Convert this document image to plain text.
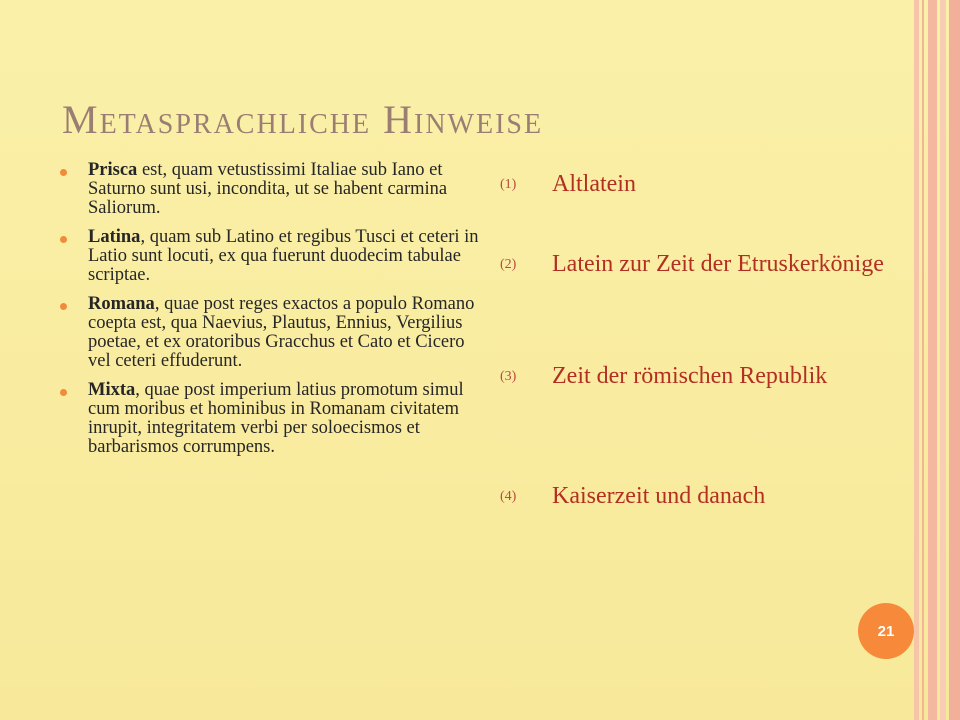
Metasprachliche Hinweise
Prisca est, quam vetustissimi Italiae sub Iano et Saturno sunt usi, incondita, ut se habent carmina Saliorum.
Latina, quam sub Latino et regibus Tusci et ceteri in Latio sunt locuti, ex qua fuerunt duodecim tabulae scriptae.
Romana, quae post reges exactos a populo Romano coepta est, qua Naevius, Plautus, Ennius, Vergilius poetae, et ex oratoribus Gracchus et Cato et Cicero vel ceteri effuderunt.
Mixta, quae post imperium latius promotum simul cum moribus et hominibus in Romanam civitatem inrupit, integritatem verbi per soloecismos et barbarismos corrumpens.
(1) Altlatein
(2) Latein zur Zeit der Etruskerkönige
(3) Zeit der römischen Republik
(4) Kaiserzeit und danach
21
